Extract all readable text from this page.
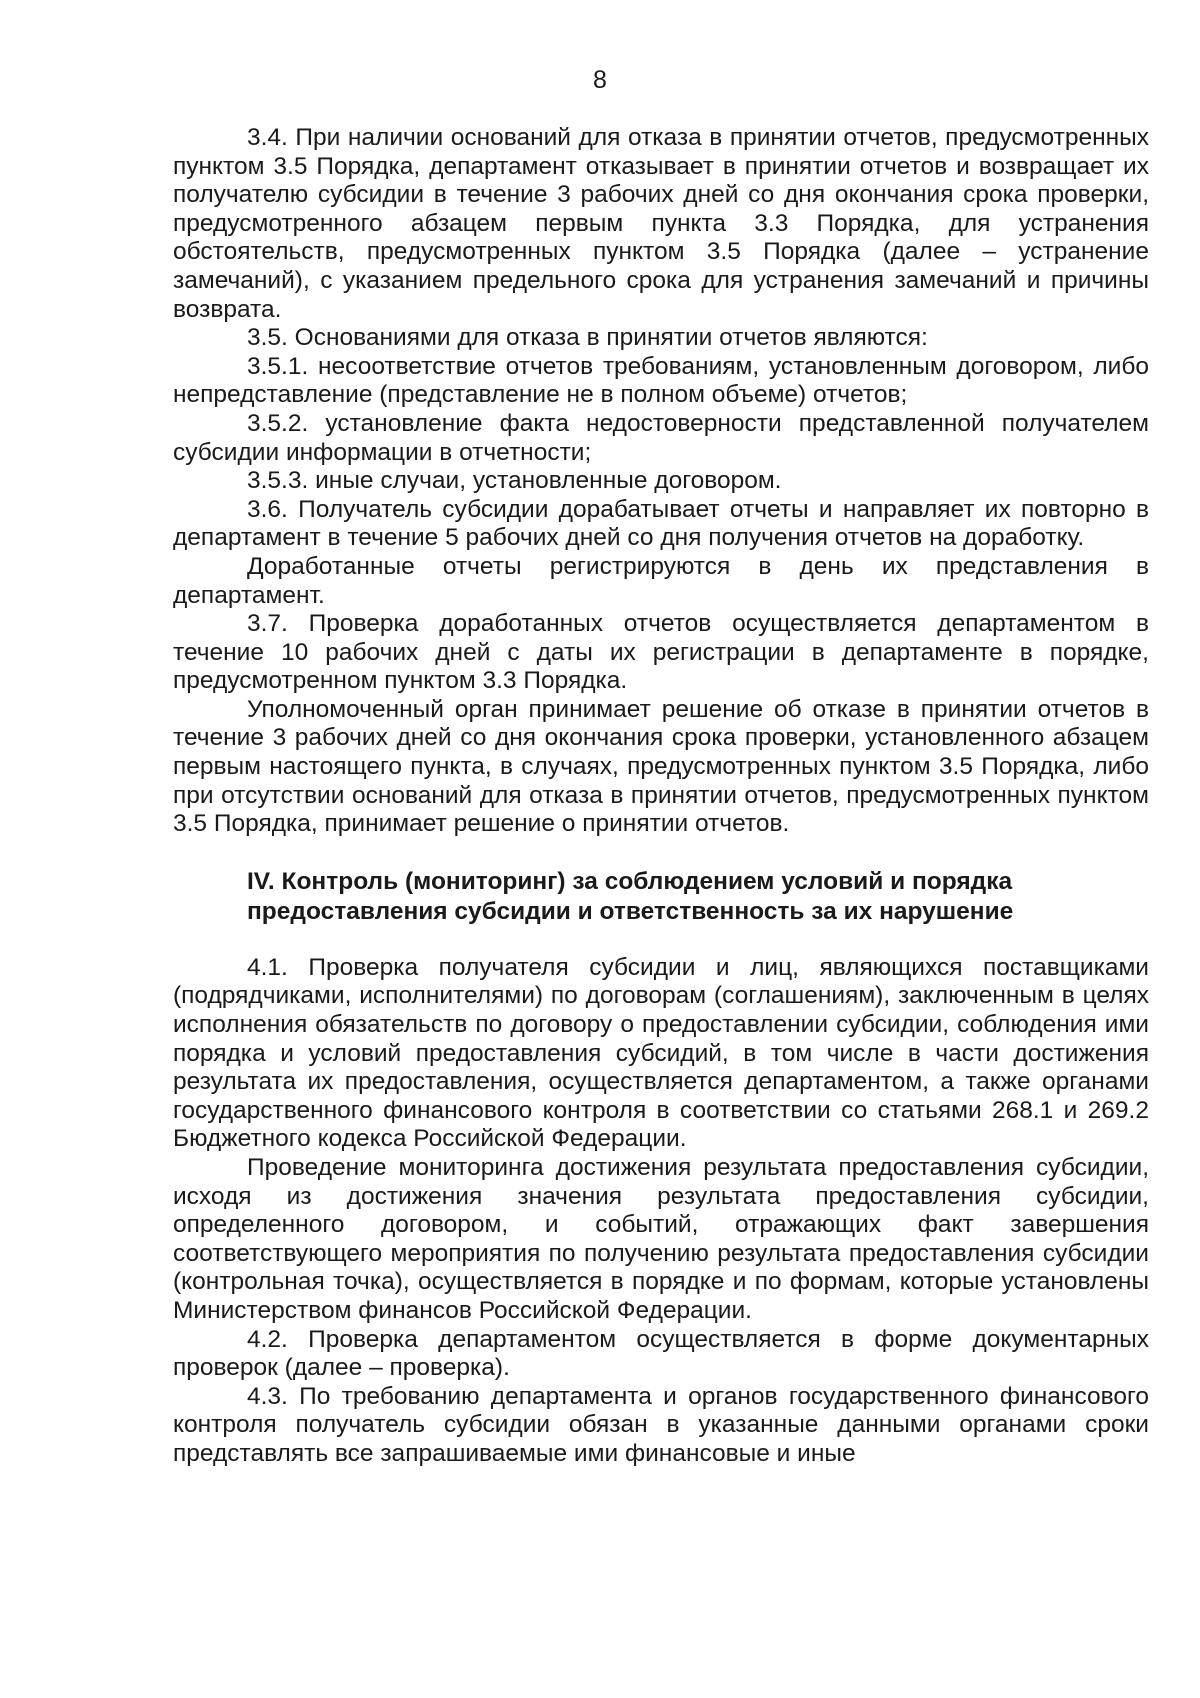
8

3.4. При наличии оснований для отказа в принятии отчетов, предусмотренных пунктом 3.5 Порядка, департамент отказывает в принятии отчетов и возвращает их получателю субсидии в течение 3 рабочих дней со дня окончания срока проверки, предусмотренного абзацем первым пункта 3.3 Порядка, для устранения обстоятельств, предусмотренных пунктом 3.5 Порядка (далее – устранение замечаний), с указанием предельного срока для устранения замечаний и причины возврата.

3.5. Основаниями для отказа в принятии отчетов являются:

3.5.1. несоответствие отчетов требованиям, установленным договором, либо непредставление (представление не в полном объеме) отчетов;

3.5.2. установление факта недостоверности представленной получателем субсидии информации в отчетности;

3.5.3. иные случаи, установленные договором.

3.6. Получатель субсидии дорабатывает отчеты и направляет их повторно в департамент в течение 5 рабочих дней со дня получения отчетов на доработку.

Доработанные отчеты регистрируются в день их представления в департамент.

3.7. Проверка доработанных отчетов осуществляется департаментом в течение 10 рабочих дней с даты их регистрации в департаменте в порядке, предусмотренном пунктом 3.3 Порядка.

Уполномоченный орган принимает решение об отказе в принятии отчетов в течение 3 рабочих дней со дня окончания срока проверки, установленного абзацем первым настоящего пункта, в случаях, предусмотренных пунктом 3.5 Порядка, либо при отсутствии оснований для отказа в принятии отчетов, предусмотренных пунктом 3.5 Порядка, принимает решение о принятии отчетов.

IV. Контроль (мониторинг) за соблюдением условий и порядка

предоставления субсидии и ответственность за их нарушение

4.1. Проверка получателя субсидии и лиц, являющихся поставщиками (подрядчиками, исполнителями) по договорам (соглашениям), заключенным в целях исполнения обязательств по договору о предоставлении субсидии, соблюдения ими порядка и условий предоставления субсидий, в том числе в части достижения результата их предоставления, осуществляется департаментом, а также органами государственного финансового контроля в соответствии со статьями 268.1 и 269.2 Бюджетного кодекса Российской Федерации.

Проведение мониторинга достижения результата предоставления субсидии, исходя из достижения значения результата предоставления субсидии, определенного договором, и событий, отражающих факт завершения соответствующего мероприятия по получению результата предоставления субсидии (контрольная точка), осуществляется в порядке и по формам, которые установлены Министерством финансов Российской Федерации.

4.2. Проверка департаментом осуществляется в форме документарных проверок (далее – проверка).

4.3. По требованию департамента и органов государственного финансового контроля получатель субсидии обязан в указанные данными органами сроки представлять все запрашиваемые ими финансовые и иные
